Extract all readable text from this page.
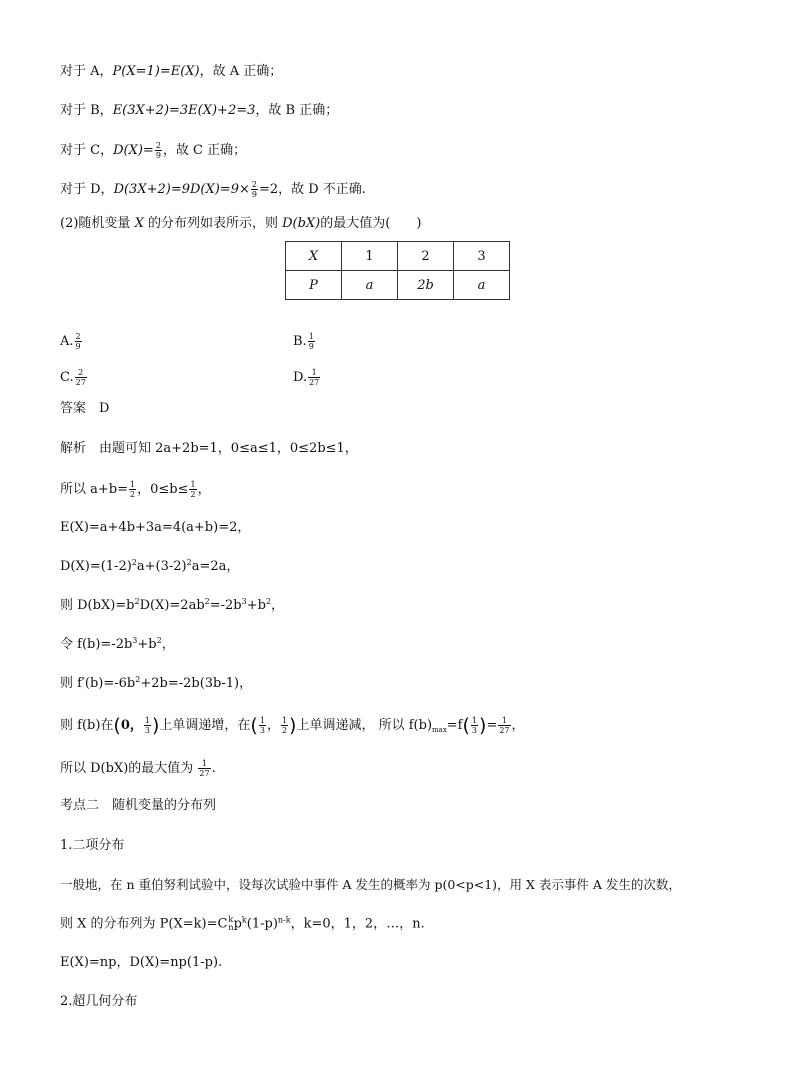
对于 A，P(X=1)=E(X)，故 A 正确；
对于 B，E(3X+2)=3E(X)+2=3，故 B 正确；
对于 C，$D(X)= \frac{2}{9}$ ，故 C 正确；
对于 D，$D(3X+2)=9D(X)=9\times \frac{2}{9} =2$，故 D 不正确.
(2)随机变量 X 的分布列如表所示，则 D(bX)的最大值为(　　)
X	1	2	3
P	a	2b	a
A. $\frac{2}{9}$	B. $\frac{1}{9}$
C. $\frac{2}{27}$	D. $\frac{1}{27}$
答案　D
解析　由题可知 2a+2b=1，0≤a≤1，0≤2b≤1，
所以 $a+b= \frac{1}{2}$ ，$0\le b\le \frac{1}{2}$ ，
E(X)=a+4b+3a=4(a+b)=2，
$D(X)=(1-2)^2a+(3-2)^2a=2a$，
则 $D(bX)=b^2D(X)=2ab^2=-2b^3+b^2$，
令 $f(b)=-2b^3+b^2$，
则 $f'(b)=-6b^2+2b=-2b(3b-1)$，
则 f(b)在(0， $\frac{1}{3}$ )上单调递增，在( $\frac{1}{3}$ ， $\frac{1}{2}$ )上单调递减， 所以 $f(b)_{max}=f( \frac{1}{3}$ )= $\frac{1}{27}$ ，
所以 D(bX)的最大值为 $\frac{1}{27}$ .
考点二　随机变量的分布列
1.二项分布
一般地，在 n 重伯努利试验中，设每次试验中事件 A 发生的概率为 p(0<p<1)，用 X 表示事件 A 发生的次数，
则 X 的分布列为 P(X=k)=C k
n $p^k(1-p)^{n-k}$，k=0，1，2，…，n.
E(X)=np，D(X)=np(1-p).
2.超几何分布
